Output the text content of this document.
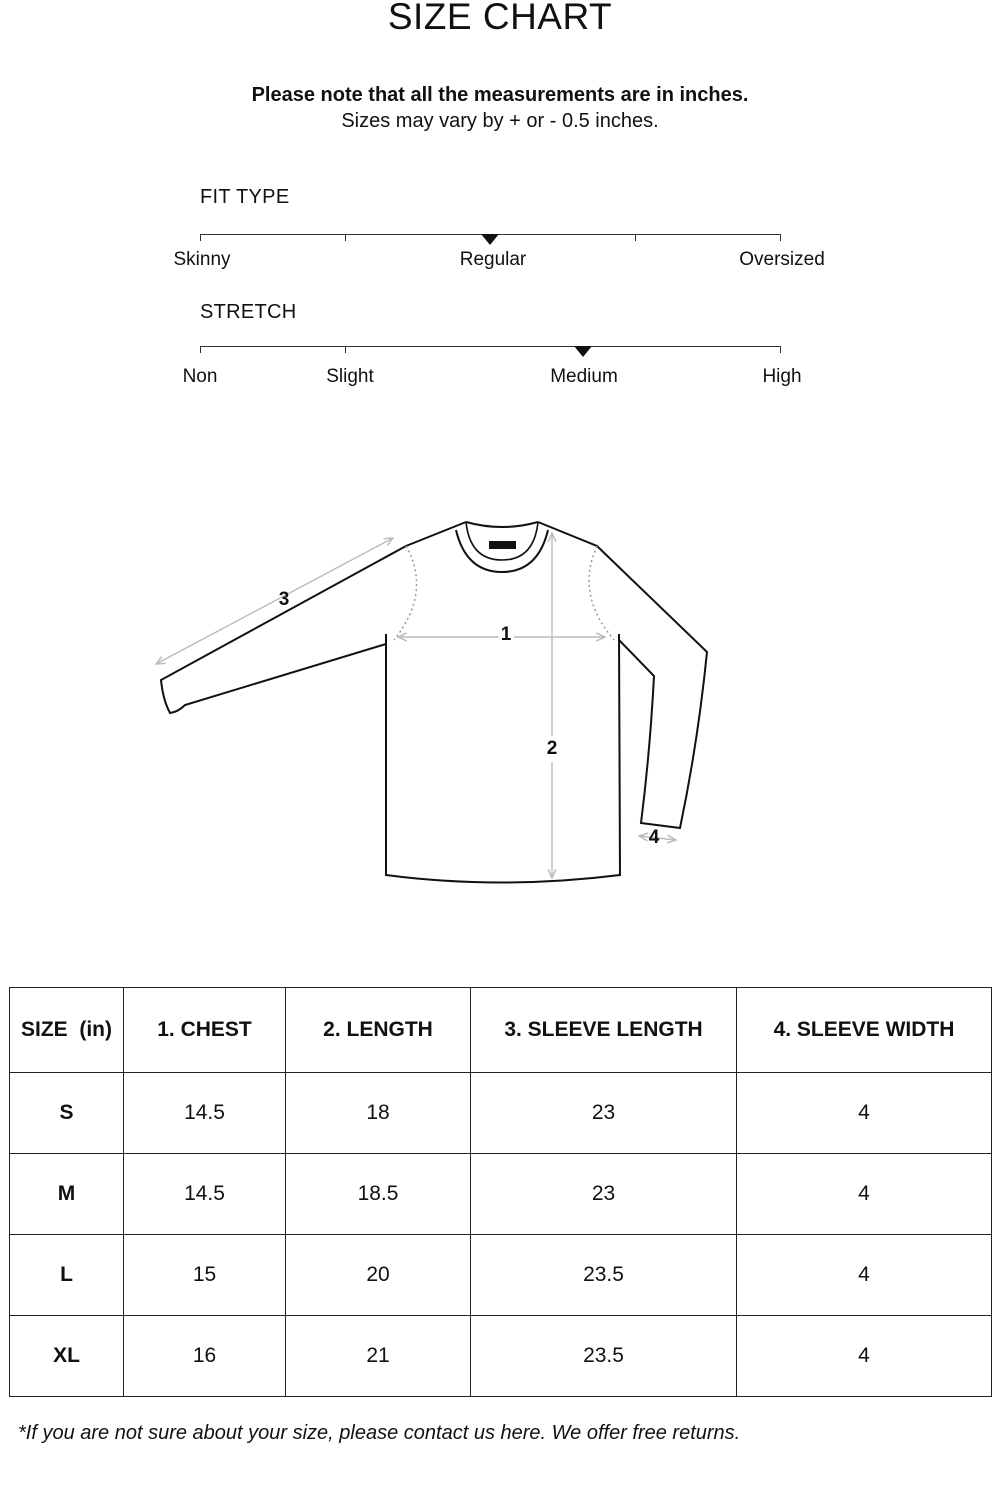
SIZE CHART
Please note that all the measurements are in inches.
Sizes may vary by + or - 0.5 inches.
FIT TYPE
Skinny	Regular	Oversized
STRETCH
Non	Slight	Medium	High
1
2
3
4
SIZE  (in)	1. CHEST	2. LENGTH	3. SLEEVE LENGTH	4. SLEEVE WIDTH
S	14.5	18	23	4
M	14.5	18.5	23	4
L	15	20	23.5	4
XL	16	21	23.5	4
*If you are not sure about your size, please contact us here. We offer free returns.
